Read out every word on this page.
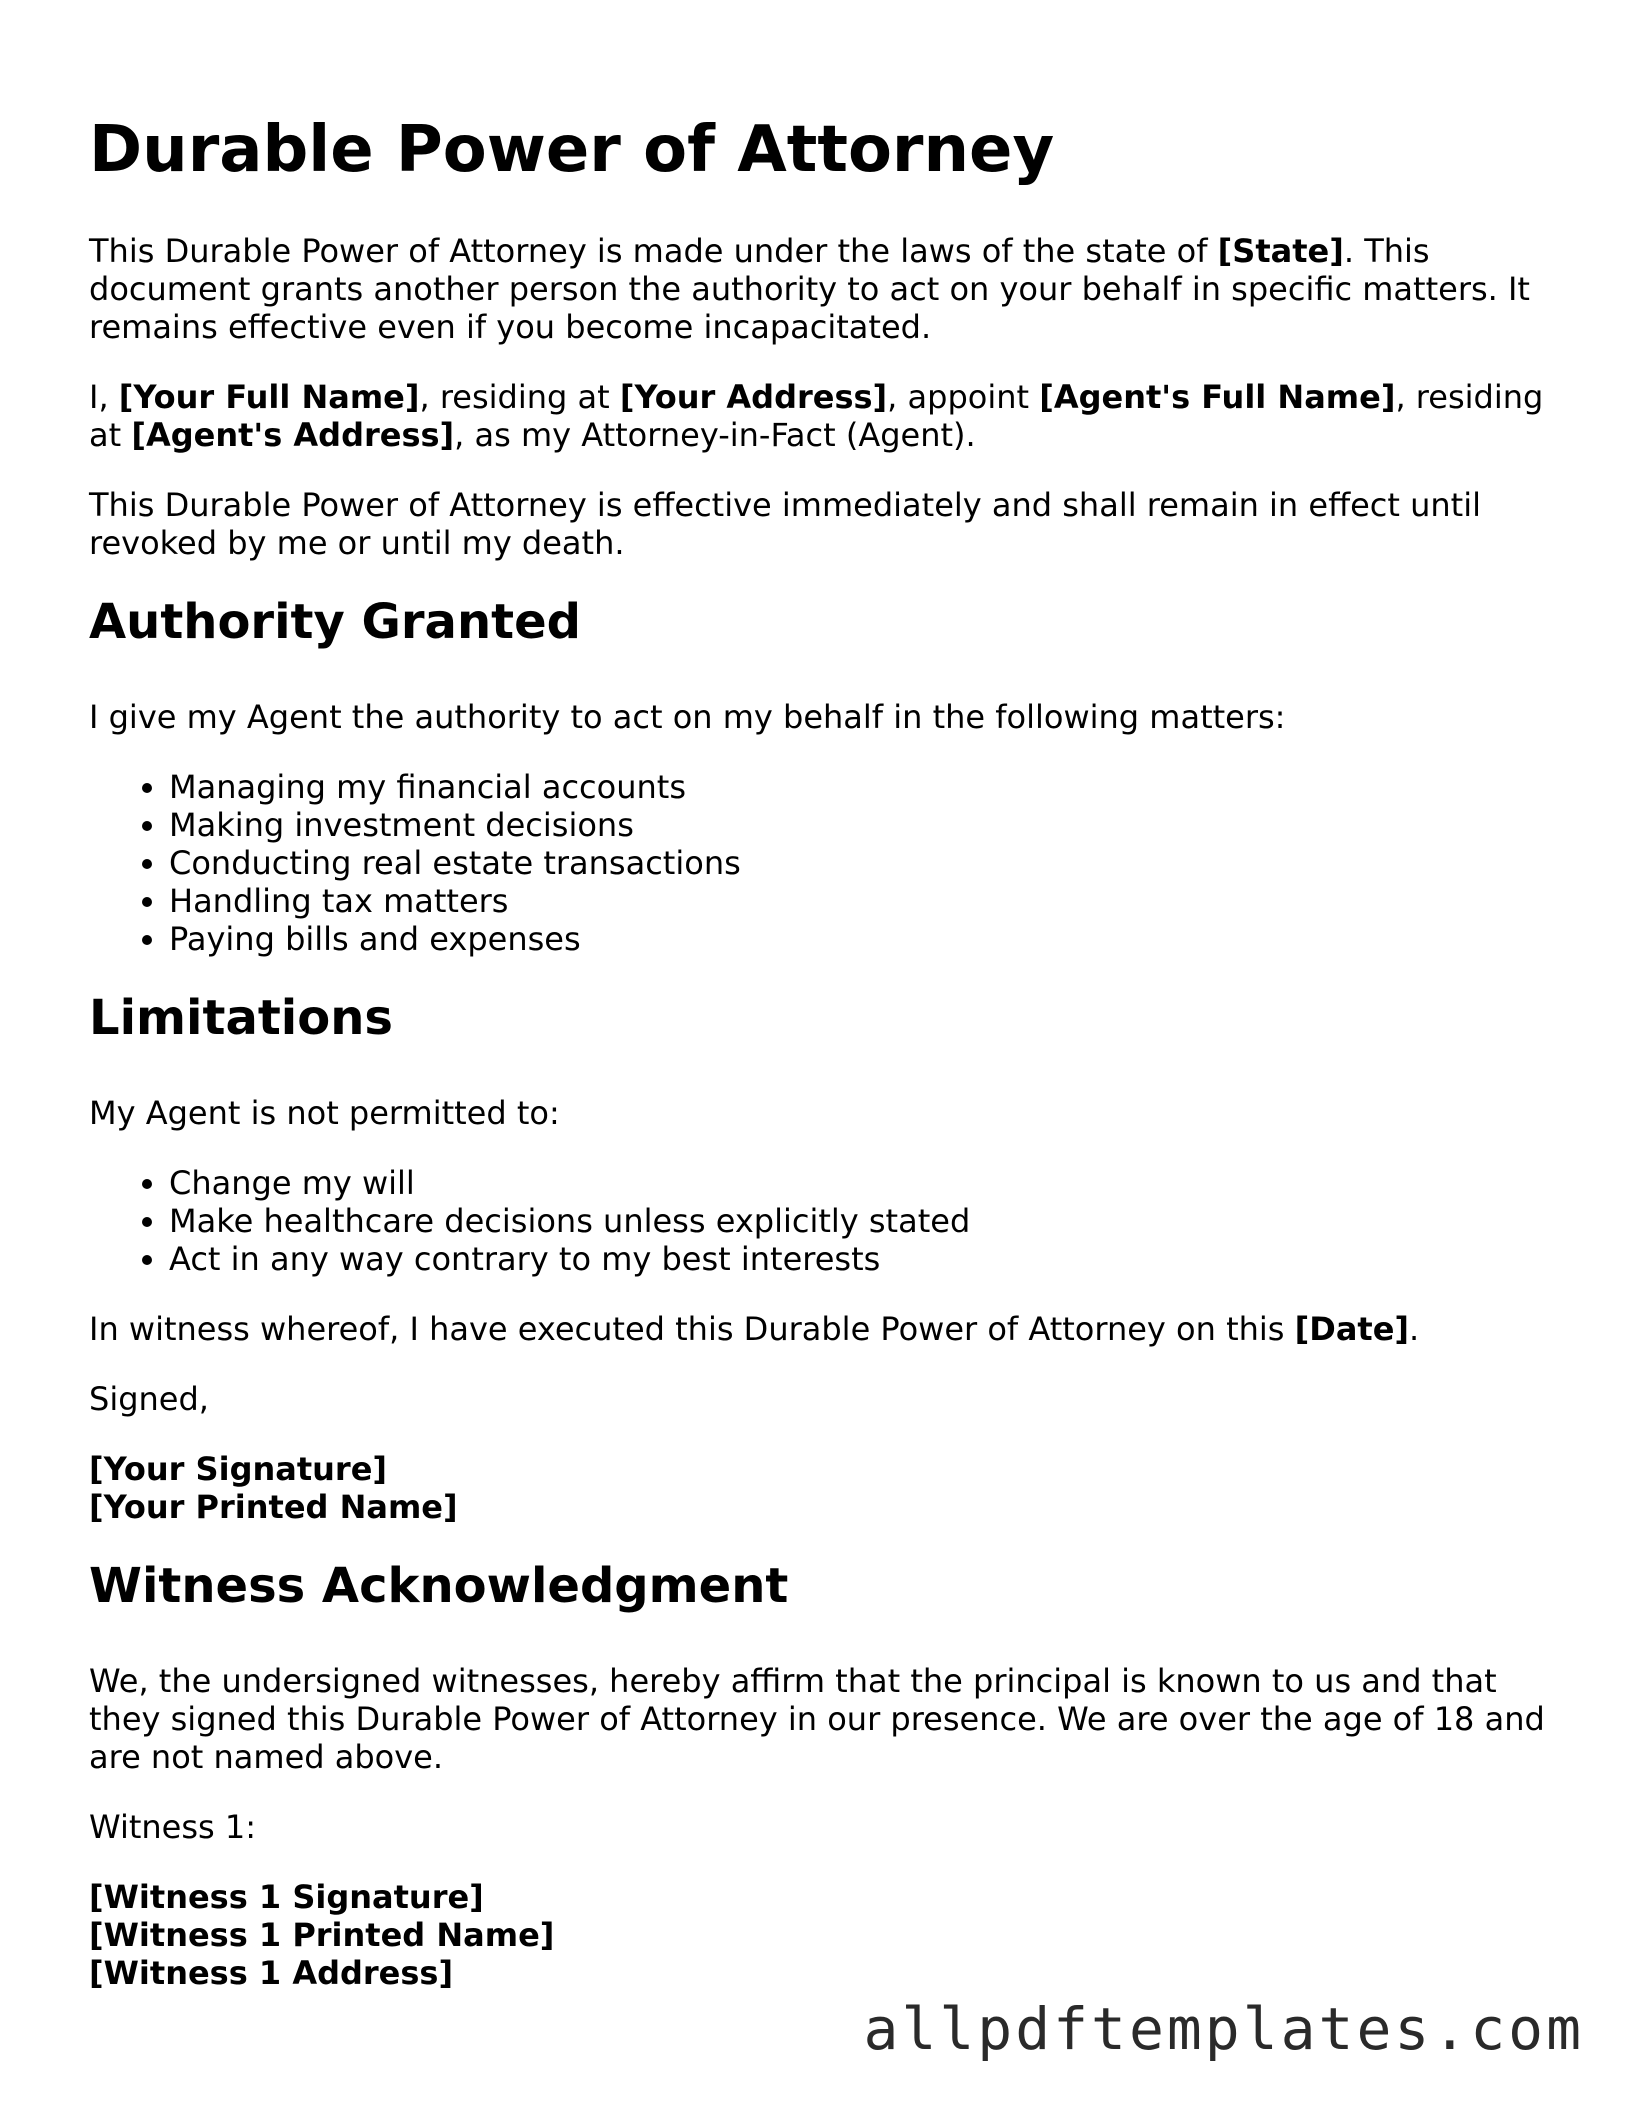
Durable Power of Attorney

This Durable Power of Attorney is made under the laws of the state of [State]. This document grants another person the authority to act on your behalf in specific matters. It remains effective even if you become incapacitated.

I, [Your Full Name], residing at [Your Address], appoint [Agent's Full Name], residing at [Agent's Address], as my Attorney-in-Fact (Agent).

This Durable Power of Attorney is effective immediately and shall remain in effect until revoked by me or until my death.

Authority Granted

I give my Agent the authority to act on my behalf in the following matters:

• Managing my financial accounts
• Making investment decisions
• Conducting real estate transactions
• Handling tax matters
• Paying bills and expenses
Limitations

My Agent is not permitted to:

• Change my will
• Make healthcare decisions unless explicitly stated
• Act in any way contrary to my best interests

In witness whereof, I have executed this Durable Power of Attorney on this [Date].

Signed,

[Your Signature]
[Your Printed Name]

Witness Acknowledgment

We, the undersigned witnesses, hereby affirm that the principal is known to us and that they signed this Durable Power of Attorney in our presence. We are over the age of 18 and are not named above.

Witness 1:

[Witness 1 Signature]
[Witness 1 Printed Name]
[Witness 1 Address]

allpdftemplates.com
